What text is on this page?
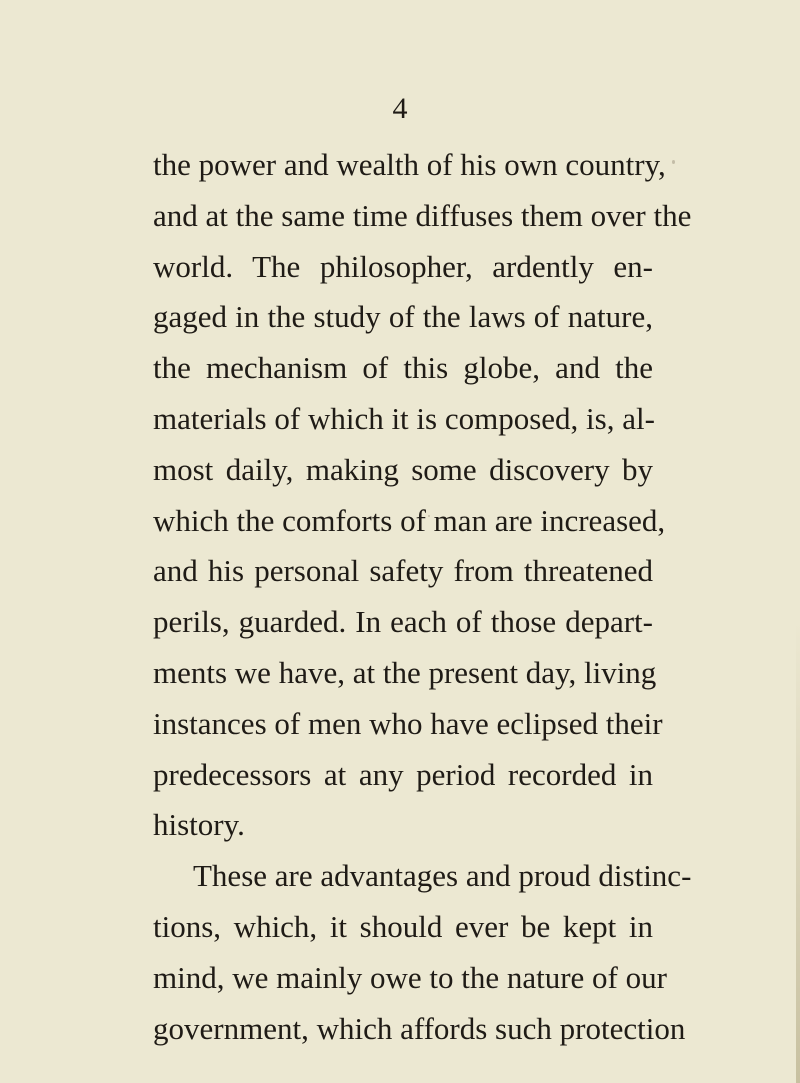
4
the power and wealth of his own country,
and at the same time diffuses them over the
world. The philosopher, ardently en-
gaged in the study of the laws of nature,
the mechanism of this globe, and the
materials of which it is composed, is, al-
most daily, making some discovery by
which the comforts of man are increased,
and his personal safety from threatened
perils, guarded. In each of those depart-
ments we have, at the present day, living
instances of men who have eclipsed their
predecessors at any period recorded in
history.
These are advantages and proud distinc-
tions, which, it should ever be kept in
mind, we mainly owe to the nature of our
government, which affords such protection
